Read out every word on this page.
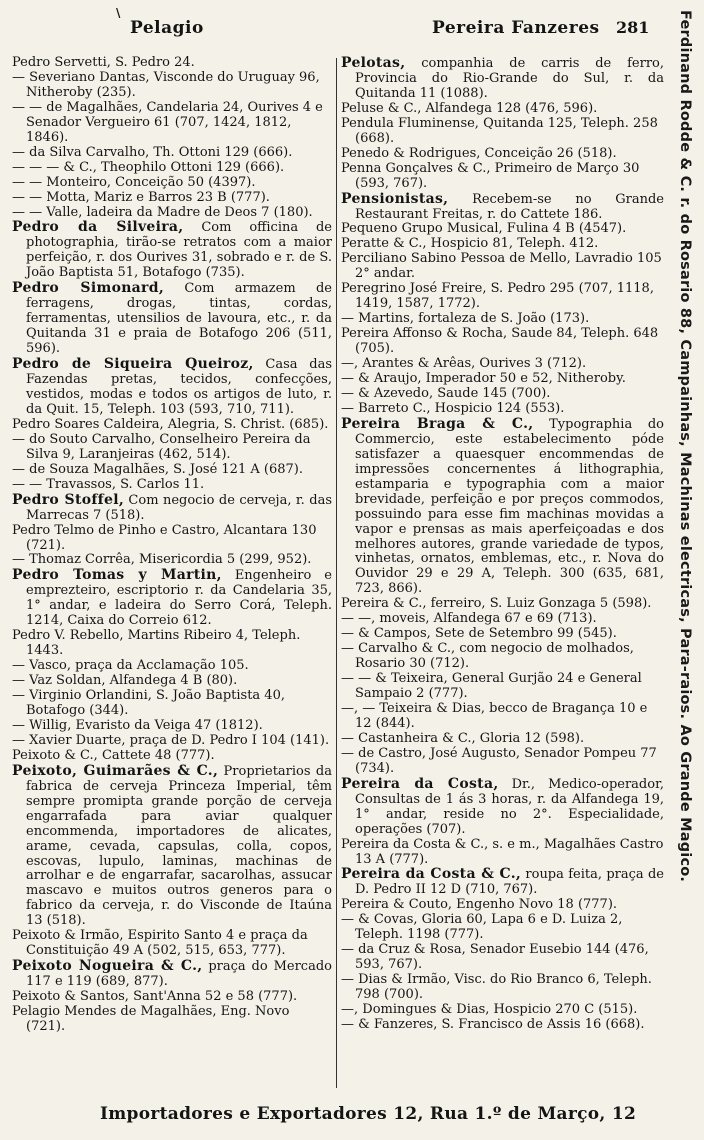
\ Pelagio	Pereira Fanzeres 281

Pedro Servetti, S. Pedro 24.

— Severiano Dantas, Visconde do Uruguay 96, Nitheroby (235).

— — de Magalhães, Candelaria 24, Ourives 4 e Senador Vergueiro 61 (707, 1424, 1812, 1846).

— da Silva Carvalho, Th. Ottoni 129 (666).

— — — & C., Theophilo Ottoni 129 (666).

— — Monteiro, Conceição 50 (4397).

— — Motta, Mariz e Barros 23 B (777).

— — Valle, ladeira da Madre de Deos 7 (180).

Pedro da Silveira, Com officina de photographia, tirão-se retratos com a maior perfeição, r. dos Ourives 31, sobrado e r. de S. João Baptista 51, Botafogo (735).

Pedro Simonard, Com armazem de ferragens, drogas, tintas, cordas, ferramentas, utensilios de lavoura, etc., r. da Quitanda 31 e praia de Botafogo 206 (511, 596).

Pedro de Siqueira Queiroz, Casa das Fazendas pretas, tecidos, confecções, vestidos, modas e todos os artigos de luto, r. da Quit. 15, Teleph. 103 (593, 710, 711).

Pedro Soares Caldeira, Alegria, S. Christ. (685).

— do Souto Carvalho, Conselheiro Pereira da Silva 9, Laranjeiras (462, 514).

— de Souza Magalhães, S. José 121 A (687).

— — Travassos, S. Carlos 11.

Pedro Stoffel, Com negocio de cerveja, r. das Marrecas 7 (518).

Pedro Telmo de Pinho e Castro, Alcantara 130 (721).

— Thomaz Corrêa, Misericordia 5 (299, 952).

Pedro Tomas y Martin, Engenheiro e emprezteiro, escriptorio r. da Candelaria 35, 1° andar, e ladeira do Serro Corá, Teleph. 1214, Caixa do Correio 612.

Pedro V. Rebello, Martins Ribeiro 4, Teleph. 1443.

— Vasco, praça da Acclamação 105.

— Vaz Soldan, Alfandega 4 B (80).

— Virginio Orlandini, S. João Baptista 40, Botafogo (344).

— Willig, Evaristo da Veiga 47 (1812).

— Xavier Duarte, praça de D. Pedro I 104 (141).

Peixoto & C., Cattete 48 (777).

Peixoto, Guimarães & C., Proprietarios da fabrica de cerveja Princeza Imperial, têm sempre promipta grande porção de cerveja engarrafada para aviar qualquer encommenda, importadores de alicates, arame, cevada, capsulas, colla, copos, escovas, lupulo, laminas, machinas de arrolhar e de engarrafar, sacarolhas, assucar mascavo e muitos outros generos para o fabrico da cerveja, r. do Visconde de Itaúna 13 (518).

Peixoto & Irmão, Espirito Santo 4 e praça da Constituição 49 A (502, 515, 653, 777).

Peixoto Nogueira & C., praça do Mercado 117 e 119 (689, 877).

Peixoto & Santos, Sant'Anna 52 e 58 (777).

Pelagio Mendes de Magalhães, Eng. Novo (721).

Pelotas, companhia de carris de ferro, Provincia do Rio-Grande do Sul, r. da Quitanda 11 (1088).

Peluse & C., Alfandega 128 (476, 596).

Pendula Fluminense, Quitanda 125, Teleph. 258 (668).

Penedo & Rodrigues, Conceição 26 (518).

Penna Gonçalves & C., Primeiro de Março 30 (593, 767).

Pensionistas, Recebem-se no Grande Restaurant Freitas, r. do Cattete 186.

Pequeno Grupo Musical, Fulina 4 B (4547).

Peratte & C., Hospicio 81, Teleph. 412.

Perciliano Sabino Pessoa de Mello, Lavradio 105 2° andar.

Peregrino José Freire, S. Pedro 295 (707, 1118, 1419, 1587, 1772).

— Martins, fortaleza de S. João (173).

Pereira Affonso & Rocha, Saude 84, Teleph. 648 (705).

—, Arantes & Arêas, Ourives 3 (712).

— & Araujo, Imperador 50 e 52, Nitheroby.

— & Azevedo, Saude 145 (700).

— Barreto C., Hospicio 124 (553).

Pereira Braga & C., Typographia do Commercio, este estabelecimento póde satisfazer a quaesquer encommendas de impressões concernentes á lithographia, estamparia e typographia com a maior brevidade, perfeição e por preços commodos, possuindo para esse fim machinas movidas a vapor e prensas as mais aperfeiçoadas e dos melhores autores, grande variedade de typos, vinhetas, ornatos, emblemas, etc., r. Nova do Ouvidor 29 e 29 A, Teleph. 300 (635, 681, 723, 866).

Pereira & C., ferreiro, S. Luiz Gonzaga 5 (598).

— —, moveis, Alfandega 67 e 69 (713).

— & Campos, Sete de Setembro 99 (545).

— Carvalho & C., com negocio de molhados, Rosario 30 (712).

— — & Teixeira, General Gurjão 24 e General Sampaio 2 (777).

—, — Teixeira & Dias, becco de Bragança 10 e 12 (844).

— Castanheira & C., Gloria 12 (598).

— de Castro, José Augusto, Senador Pompeu 77 (734).

Pereira da Costa, Dr., Medico-operador, Consultas de 1 ás 3 horas, r. da Alfandega 19, 1° andar, reside no 2°. Especialidade, operações (707).

Pereira da Costa & C., s. e m., Magalhães Castro 13 A (777).

Pereira da Costa & C., roupa feita, praça de D. Pedro II 12 D (710, 767).

Pereira & Couto, Engenho Novo 18 (777).

— & Covas, Gloria 60, Lapa 6 e D. Luiza 2, Teleph. 1198 (777).

— da Cruz & Rosa, Senador Eusebio 144 (476, 593, 767).

— Dias & Irmão, Visc. do Rio Branco 6, Teleph. 798 (700).

—, Domingues & Dias, Hospicio 270 C (515).

— & Fanzeres, S. Francisco de Assis 16 (668).

Ferdinand Rodde & C. r. do Rosario 88, Campainhas, Machinas electricas, Para-raios. Ao Grande Magico.
Importadores e Exportadores 12, Rua 1.º de Março, 12
